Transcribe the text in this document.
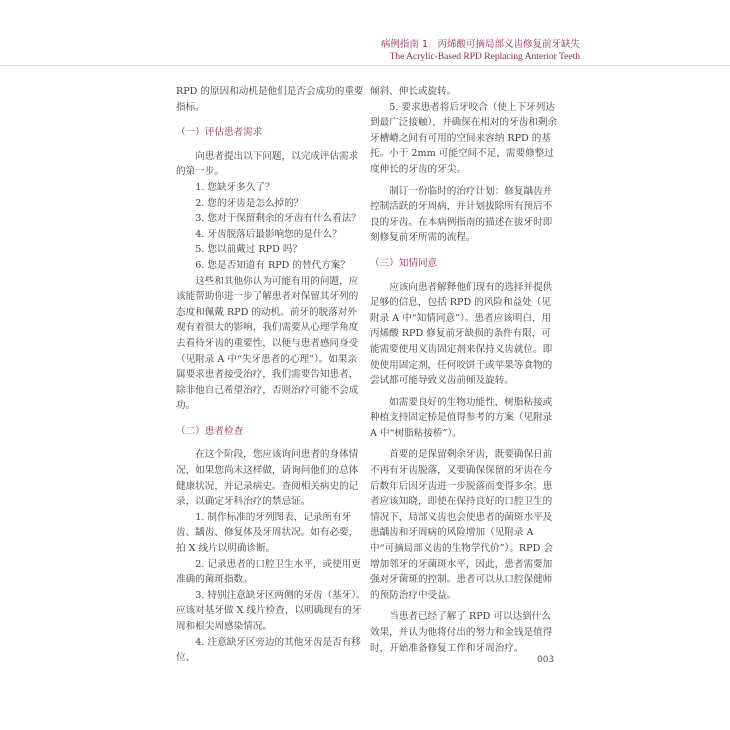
病例指南 1　丙烯酸可摘局部义齿修复前牙缺失
The Acrylic-Based RPD Replacing Anterior Teeth

RPD 的原因和动机是他们是否会成功的重要指标。

（一）评估患者需求

向患者提出以下问题，以完成评估需求的第一步。

1. 您缺牙多久了？

2. 您的牙齿是怎么掉的？

3. 您对于保留剩余的牙齿有什么看法？

4. 牙齿脱落后最影响您的是什么？

5. 您以前戴过 RPD 吗？

6. 您是否知道有 RPD 的替代方案？

这些和其他你认为可能有用的问题，应该能帮助你进一步了解患者对保留其牙列的态度和佩戴 RPD 的动机。前牙的脱落对外观有着很大的影响，我们需要从心理学角度去看待牙齿的重要性，以便与患者感同身受（见附录 A 中“失牙患者的心理”）。如果亲属要求患者接受治疗，我们需要告知患者，除非他自己希望治疗，否则治疗可能不会成功。

（二）患者检查

在这个阶段，您应该询问患者的身体情况，如果您尚未这样做，请询问他们的总体健康状况，并记录病史。查阅相关病史的记录，以确定牙科治疗的禁忌证。

1. 制作标准的牙列图表，记录所有牙齿、龋齿、修复体及牙周状况。如有必要，拍 X 线片以明确诊断。

2. 记录患者的口腔卫生水平，或使用更准确的菌斑指数。

3. 特别注意缺牙区两侧的牙齿（基牙）。应该对基牙做 X 线片检查，以明确现有的牙周和根尖周感染情况。

4. 注意缺牙区旁边的其他牙齿是否有移位、

倾斜、伸长或旋转。

5. 要求患者将后牙咬合（使上下牙列达到最广泛接触），并确保在相对的牙齿和剩余牙槽嵴之间有可用的空间来容纳 RPD 的基托。小于 2mm 可能空间不足，需要修整过度伸长的牙齿的牙尖。

制订一份临时的治疗计划：修复龋齿并控制活跃的牙周病，并计划拔除所有预后不良的牙齿。在本病例指南的描述在拔牙时即刻修复前牙所需的流程。

（三）知情同意

应该向患者解释他们现有的选择并提供足够的信息，包括 RPD 的风险和益处（见附录 A 中“知情同意”）。患者应该明白，用丙烯酸 RPD 修复前牙缺损的条件有限，可能需要使用义齿固定剂来保持义齿就位。即使使用固定剂，任何咬饼干或苹果等食物的尝试都可能导致义齿前倾及旋转。

如需要良好的生物功能性，树脂粘接或种植支持固定桥是值得参考的方案（见附录 A 中“树脂粘接桥”）。

首要的是保留剩余牙齿，既要确保日前不再有牙齿脱落，又要确保保留的牙齿在今后数年后因牙齿进一步脱落而变得多余。患者应该知晓，即使在保持良好的口腔卫生的情况下，局部义齿也会使患者的菌斑水平及患龋齿和牙周病的风险增加（见附录 A 中“可摘局部义齿的生物学代价”）。RPD 会增加邻牙的牙菌斑水平，因此，患者需要加强对牙菌斑的控制。患者可以从口腔保健师的预防治疗中受益。

当患者已经了解了 RPD 可以达到什么效果，并认为他将付出的努力和金钱是值得时，开始准备修复工作和牙周治疗。

003
